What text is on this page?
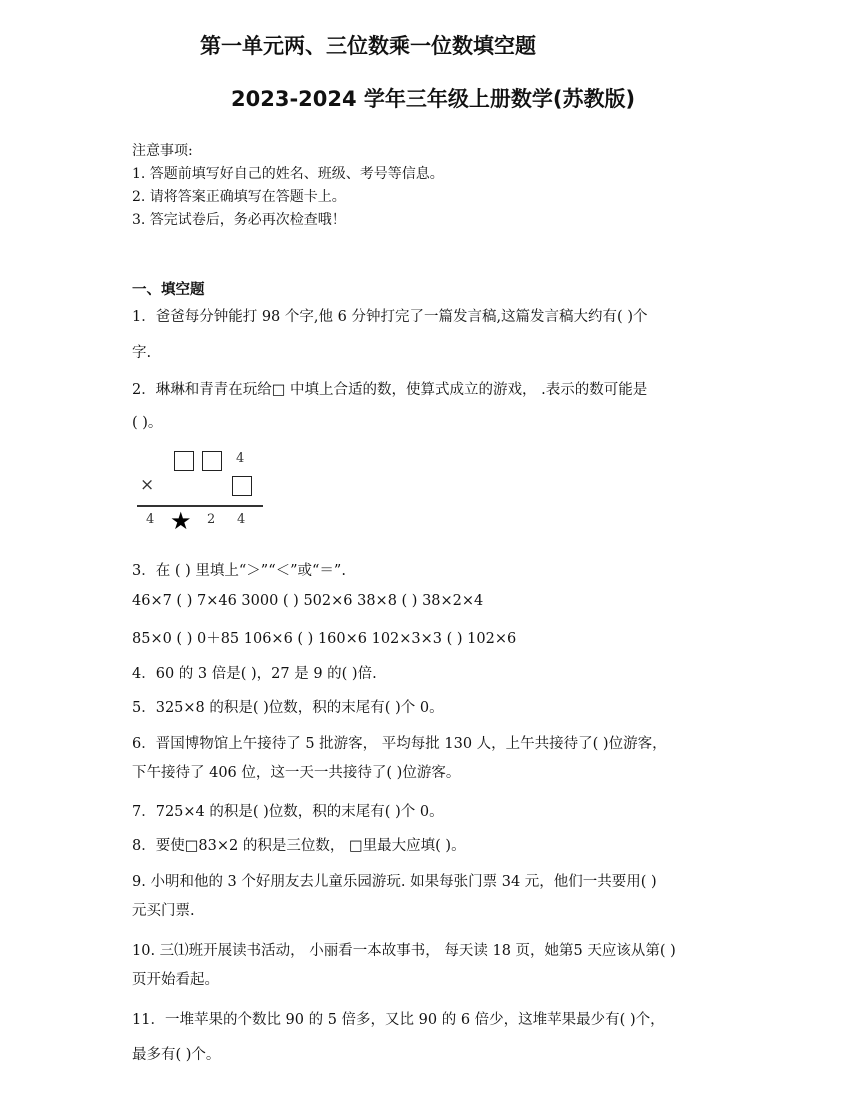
第一单元两、三位数乘一位数填空题
2023-2024 学年三年级上册数学(苏教版)
注意事项:
1. 答题前填写好自己的姓名、班级、考号等信息。
2. 请将答案正确填写在答题卡上。
3. 答完试卷后，务必再次检查哦！
一、填空题
1．爸爸每分钟能打 98 个字,他 6 分钟打完了一篇发言稿,这篇发言稿大约有( )个
字.
2．琳琳和青青在玩给□ 中填上合适的数，使算式成立的游戏， .表示的数可能是
( )。
4
×
4 ★ 2 4
3．在 ( ) 里填上“＞”“＜”或“＝”.
46×7 ( ) 7×46 3000 ( ) 502×6 38×8 ( ) 38×2×4
85×0 ( ) 0＋85 106×6 ( ) 160×6 102×3×3 ( ) 102×6
4．60 的 3 倍是( )，27 是 9 的( )倍.
5．325×8 的积是( )位数，积的末尾有( )个 0。
6．晋国博物馆上午接待了 5 批游客， 平均每批 130 人，上午共接待了( )位游客，
下午接待了 406 位，这一天一共接待了( )位游客。
7．725×4 的积是( )位数，积的末尾有( )个 0。
8．要使□83×2 的积是三位数， □里最大应填( )。
9. 小明和他的 3 个好朋友去儿童乐园游玩. 如果每张门票 34 元，他们一共要用( )
元买门票.
10. 三⑴班开展读书活动， 小丽看一本故事书， 每天读 18 页，她第5 天应该从第( )
页开始看起。
11．一堆苹果的个数比 90 的 5 倍多，又比 90 的 6 倍少，这堆苹果最少有( )个，
最多有( )个。
